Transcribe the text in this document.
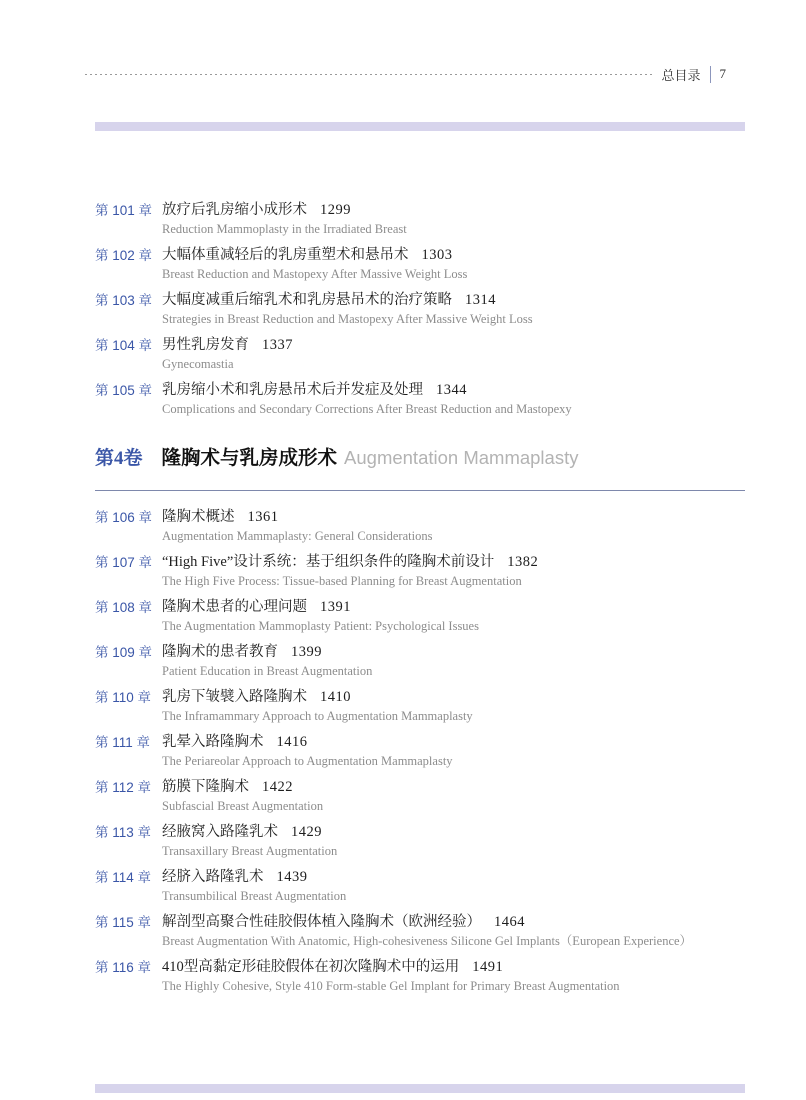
总目录 7
第 101 章 放疗后乳房缩小成形术 1299
Reduction Mammoplasty in the Irradiated Breast
第 102 章 大幅体重减轻后的乳房重塑术和悬吊术 1303
Breast Reduction and Mastopexy After Massive Weight Loss
第 103 章 大幅度减重后缩乳术和乳房悬吊术的治疗策略 1314
Strategies in Breast Reduction and Mastopexy After Massive Weight Loss
第 104 章 男性乳房发育 1337
Gynecomastia
第 105 章 乳房缩小术和乳房悬吊术后并发症及处理 1344
Complications and Secondary Corrections After Breast Reduction and Mastopexy
第4卷 隆胸术与乳房成形术 Augmentation Mammaplasty
第 106 章 隆胸术概述 1361
Augmentation Mammaplasty: General Considerations
第 107 章 “High Five”设计系统：基于组织条件的隆胸术前设计 1382
The High Five Process: Tissue-based Planning for Breast Augmentation
第 108 章 隆胸术患者的心理问题 1391
The Augmentation Mammoplasty Patient: Psychological Issues
第 109 章 隆胸术的患者教育 1399
Patient Education in Breast Augmentation
第 110 章 乳房下皱襞入路隆胸术 1410
The Inframammary Approach to Augmentation Mammaplasty
第 111 章 乳晕入路隆胸术 1416
The Periareolar Approach to Augmentation Mammaplasty
第 112 章 筋膜下隆胸术 1422
Subfascial Breast Augmentation
第 113 章 经腋窝入路隆乳术 1429
Transaxillary Breast Augmentation
第 114 章 经脐入路隆乳术 1439
Transumbilical Breast Augmentation
第 115 章 解剖型高聚合性硅胶假体植入隆胸术（欧洲经验） 1464
Breast Augmentation With Anatomic, High-cohesiveness Silicone Gel Implants（European Experience）
第 116 章 410型高黏定形硅胶假体在初次隆胸术中的运用 1491
The Highly Cohesive, Style 410 Form-stable Gel Implant for Primary Breast Augmentation
